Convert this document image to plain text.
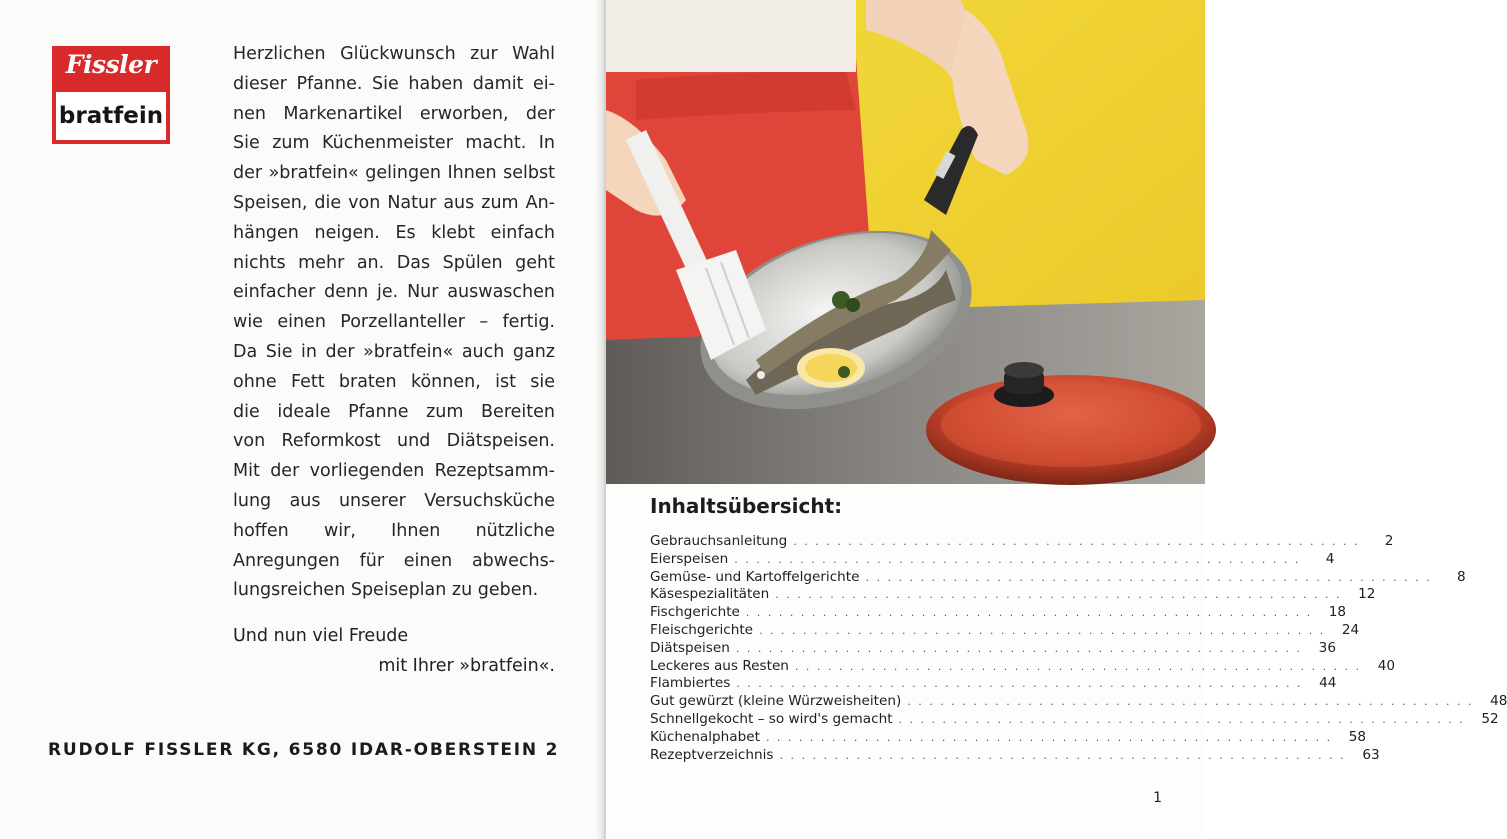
Fissler
bratfein
Herzlichen Glückwunsch zur Wahl
dieser Pfanne. Sie haben damit ei-
nen Markenartikel erworben, der
Sie zum Küchenmeister macht. In
der »bratfein« gelingen Ihnen selbst
Speisen, die von Natur aus zum An-
hängen neigen. Es klebt einfach
nichts mehr an. Das Spülen geht
einfacher denn je. Nur auswaschen
wie einen Porzellanteller – fertig.
Da Sie in der »bratfein« auch ganz
ohne Fett braten können, ist sie
die ideale Pfanne zum Bereiten
von Reformkost und Diätspeisen.
Mit der vorliegenden Rezeptsamm-
lung aus unserer Versuchsküche
hoffen wir, Ihnen nützliche
Anregungen für einen abwechs-
lungsreichen Speiseplan zu geben.
Und nun viel Freude
mit Ihrer »bratfein«.
RUDOLF FISSLER KG, 6580 IDAR-OBERSTEIN 2
Inhaltsübersicht:
Gebrauchsanleitung . . . . . . . . . . . . . . . . . . . . . . . . . . . . . . . . . . . . . . . . . . . . . . . . . . . .	2
Eierspeisen . . . . . . . . . . . . . . . . . . . . . . . . . . . . . . . . . . . . . . . . . . . . . . . . . . . .	4
Gemüse- und Kartoffelgerichte . . . . . . . . . . . . . . . . . . . . . . . . . . . . . . . . . . . . . . . . . . . . . . . . . . . .	8
Käsespezialitäten . . . . . . . . . . . . . . . . . . . . . . . . . . . . . . . . . . . . . . . . . . . . . . . . . . . .	12
Fischgerichte . . . . . . . . . . . . . . . . . . . . . . . . . . . . . . . . . . . . . . . . . . . . . . . . . . . .	18
Fleischgerichte . . . . . . . . . . . . . . . . . . . . . . . . . . . . . . . . . . . . . . . . . . . . . . . . . . . .	24
Diätspeisen . . . . . . . . . . . . . . . . . . . . . . . . . . . . . . . . . . . . . . . . . . . . . . . . . . . .	36
Leckeres aus Resten . . . . . . . . . . . . . . . . . . . . . . . . . . . . . . . . . . . . . . . . . . . . . . . . . . . .	40
Flambiertes . . . . . . . . . . . . . . . . . . . . . . . . . . . . . . . . . . . . . . . . . . . . . . . . . . . .	44
Gut gewürzt (kleine Würzweisheiten) . . . . . . . . . . . . . . . . . . . . . . . . . . . . . . . . . . . . . . . . . . . . . . . . . . . .	48
Schnellgekocht – so wird's gemacht . . . . . . . . . . . . . . . . . . . . . . . . . . . . . . . . . . . . . . . . . . . . . . . . . . . .	52
Küchenalphabet . . . . . . . . . . . . . . . . . . . . . . . . . . . . . . . . . . . . . . . . . . . . . . . . . . . .	58
Rezeptverzeichnis . . . . . . . . . . . . . . . . . . . . . . . . . . . . . . . . . . . . . . . . . . . . . . . . . . . .	63
1
